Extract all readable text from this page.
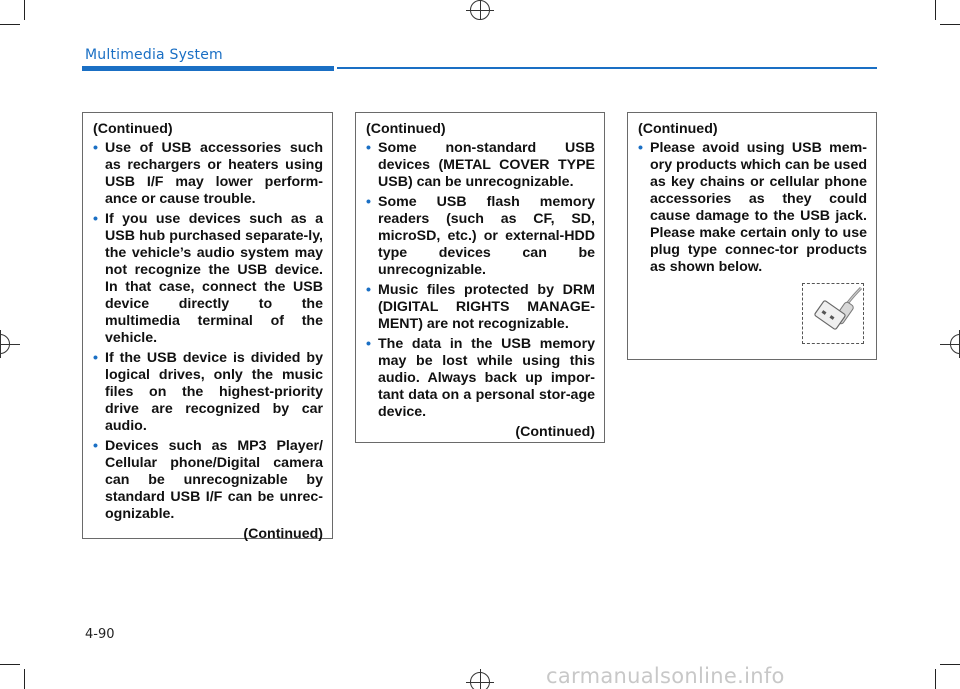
Multimedia System
(Continued)
• Use of USB accessories such as rechargers or heaters using USB I/F may lower perform-ance or cause trouble.
• If you use devices such as a USB hub purchased separate-ly, the vehicle’s audio system may not recognize the USB device. In that case, connect the USB device directly to the multimedia terminal of the vehicle.
• If the USB device is divided by logical drives, only the music files on the highest-priority drive are recognized by car audio.
• Devices such as MP3 Player/ Cellular phone/Digital camera can be unrecognizable by standard USB I/F can be unrec-ognizable.
(Continued)
(Continued)
• Some non-standard USB devices (METAL COVER TYPE USB) can be unrecognizable.
• Some USB flash memory readers (such as CF, SD, microSD, etc.) or external-HDD type devices can be unrecognizable.
• Music files protected by DRM (DIGITAL RIGHTS MANAGE-MENT) are not recognizable.
• The data in the USB memory may be lost while using this audio. Always back up impor-tant data on a personal stor-age device.
(Continued)
(Continued)
• Please avoid using USB mem-ory products which can be used as key chains or cellular phone accessories as they could cause damage to the USB jack. Please make certain only to use plug type connec-tor products as shown below.
4-90
carmanualsonline.info
